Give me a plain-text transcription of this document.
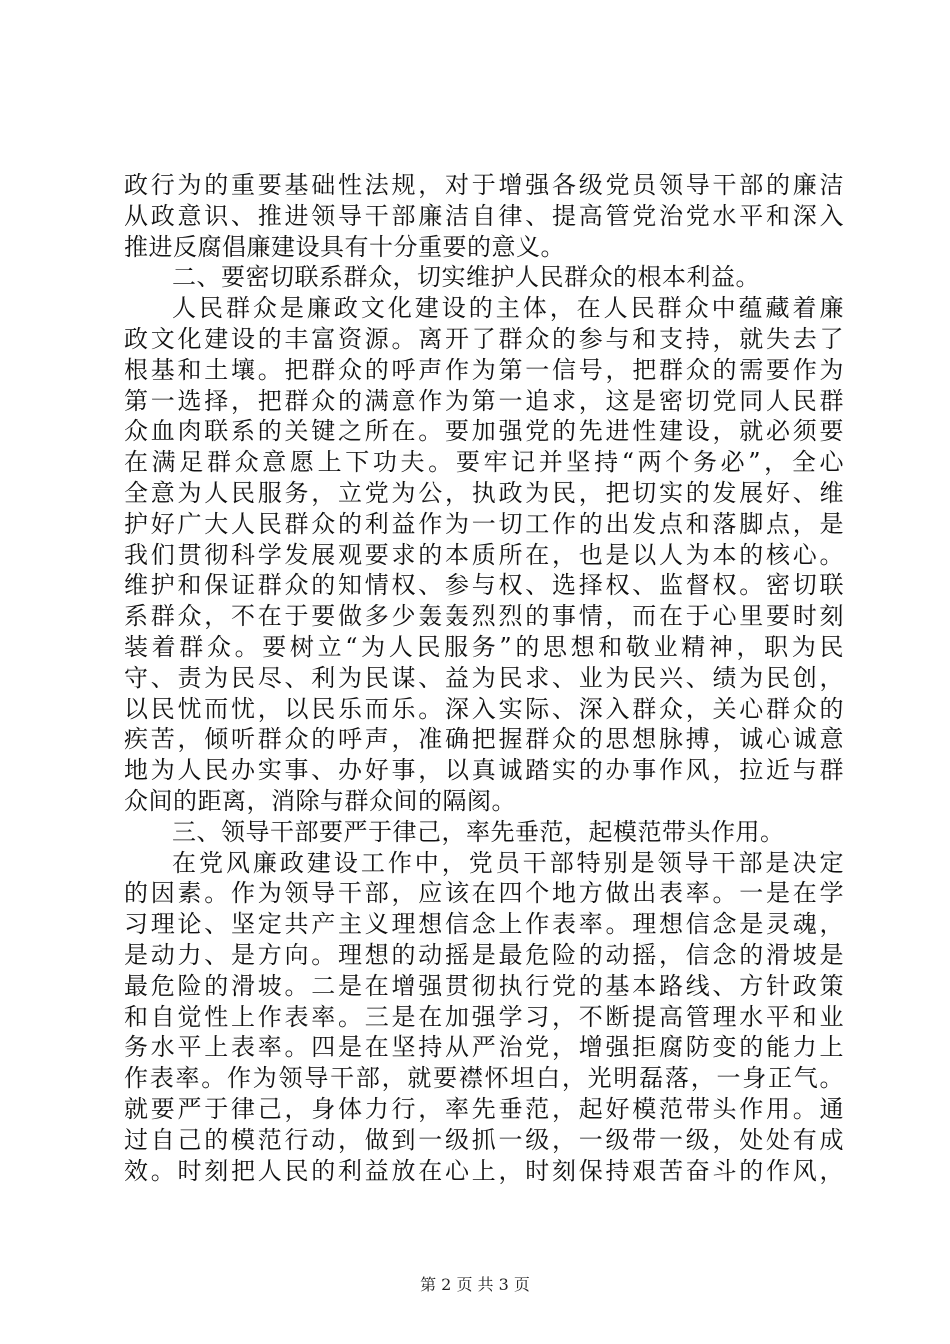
政行为的重要基础性法规，对于增强各级党员领导干部的廉洁
从政意识、推进领导干部廉洁自律、提高管党治党水平和深入
推进反腐倡廉建设具有十分重要的意义。
二、要密切联系群众，切实维护人民群众的根本利益。
人民群众是廉政文化建设的主体，在人民群众中蕴藏着廉
政文化建设的丰富资源。离开了群众的参与和支持，就失去了
根基和土壤。把群众的呼声作为第一信号，把群众的需要作为
第一选择，把群众的满意作为第一追求，这是密切党同人民群
众血肉联系的关键之所在。要加强党的先进性建设，就必须要
在满足群众意愿上下功夫。要牢记并坚持“两个务必”，全心
全意为人民服务，立党为公，执政为民，把切实的发展好、维
护好广大人民群众的利益作为一切工作的出发点和落脚点，是
我们贯彻科学发展观要求的本质所在，也是以人为本的核心。
维护和保证群众的知情权、参与权、选择权、监督权。密切联
系群众，不在于要做多少轰轰烈烈的事情，而在于心里要时刻
装着群众。要树立“为人民服务”的思想和敬业精神，职为民
守、责为民尽、利为民谋、益为民求、业为民兴、绩为民创，
以民忧而忧，以民乐而乐。深入实际、深入群众，关心群众的
疾苦，倾听群众的呼声，准确把握群众的思想脉搏，诚心诚意
地为人民办实事、办好事，以真诚踏实的办事作风，拉近与群
众间的距离，消除与群众间的隔阂。
三、领导干部要严于律己，率先垂范，起模范带头作用。
在党风廉政建设工作中，党员干部特别是领导干部是决定
的因素。作为领导干部，应该在四个地方做出表率。一是在学
习理论、坚定共产主义理想信念上作表率。理想信念是灵魂，
是动力、是方向。理想的动摇是最危险的动摇，信念的滑坡是
最危险的滑坡。二是在增强贯彻执行党的基本路线、方针政策
和自觉性上作表率。三是在加强学习，不断提高管理水平和业
务水平上表率。四是在坚持从严治党，增强拒腐防变的能力上
作表率。作为领导干部，就要襟怀坦白，光明磊落，一身正气。
就要严于律己，身体力行，率先垂范，起好模范带头作用。通
过自己的模范行动，做到一级抓一级，一级带一级，处处有成
效。时刻把人民的利益放在心上，时刻保持艰苦奋斗的作风，
第 2 页 共 3 页
